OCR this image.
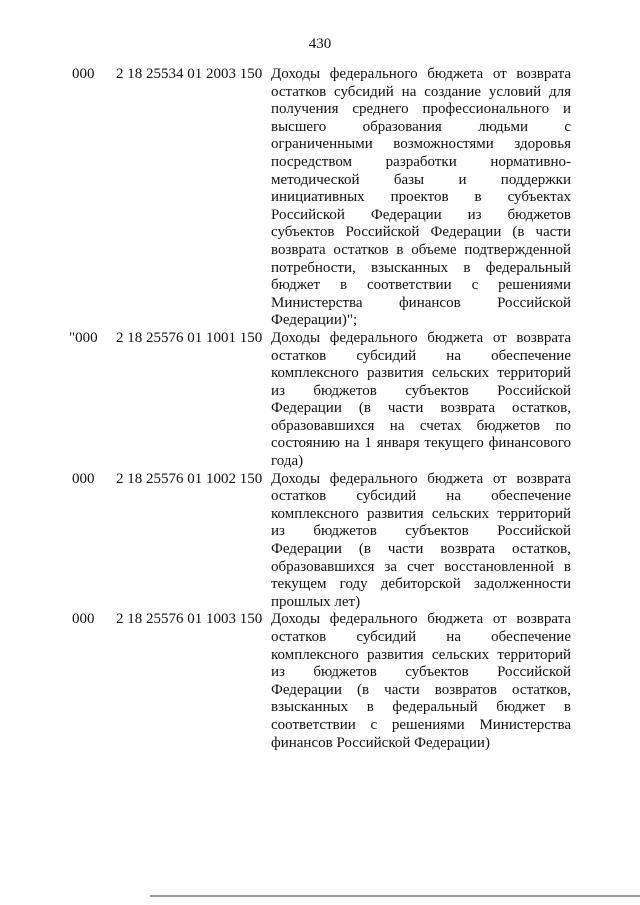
430
000	2 18 25534 01 2003 150 Доходы федерального бюджета от возврата
остатков субсидий на создание условий для
получения среднего профессионального и
высшего образования людьми с
ограниченными возможностями здоровья
посредством разработки нормативно-
методической базы и поддержки
инициативных проектов в субъектах
Российской Федерации из бюджетов
субъектов Российской Федерации (в части
возврата остатков в объеме подтвержденной
потребности, взысканных в федеральный
бюджет в соответствии с решениями
Министерства финансов Российской
Федерации)";
"000	2 18 25576 01 1001 150 Доходы федерального бюджета от возврата
остатков субсидий на обеспечение
комплексного развития сельских территорий
из бюджетов субъектов Российской
Федерации (в части возврата остатков,
образовавшихся на счетах бюджетов по
состоянию на 1 января текущего финансового
года)
000	2 18 25576 01 1002 150 Доходы федерального бюджета от возврата
остатков субсидий на обеспечение
комплексного развития сельских территорий
из бюджетов субъектов Российской
Федерации (в части возврата остатков,
образовавшихся за счет восстановленной в
текущем году дебиторской задолженности
прошлых лет)
000	2 18 25576 01 1003 150 Доходы федерального бюджета от возврата
остатков субсидий на обеспечение
комплексного развития сельских территорий
из бюджетов субъектов Российской
Федерации (в части возвратов остатков,
взысканных в федеральный бюджет в
соответствии с решениями Министерства
финансов Российской Федерации)
